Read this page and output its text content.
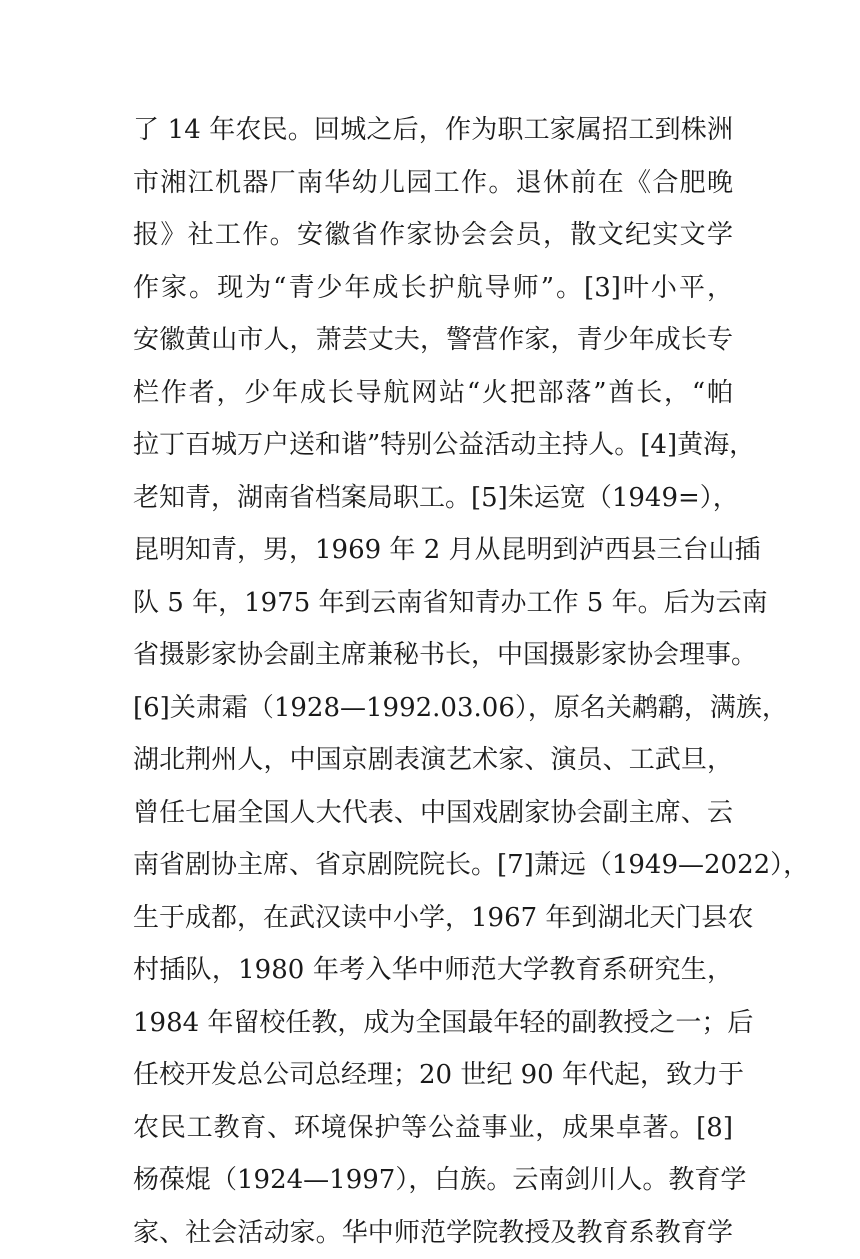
了 14 年农民。回城之后，作为职工家属招工到株洲
市湘江机器厂南华幼儿园工作。退休前在《合肥晚
报》社工作。安徽省作家协会会员，散文纪实文学
作家。现为“青少年成长护航导师”。[3]叶小平，
安徽黄山市人，萧芸丈夫，警营作家，青少年成长专
栏作者，少年成长导航网站“火把部落”酋长，“帕
拉丁百城万户送和谐”特别公益活动主持人。[4]黄海，
老知青，湖南省档案局职工。[5]朱运宽（1949=），
昆明知青，男，1969 年 2 月从昆明到泸西县三台山插
队 5 年，1975 年到云南省知青办工作 5 年。后为云南
省摄影家协会副主席兼秘书长，中国摄影家协会理事。
[6]关肃霜（1928—1992.03.06），原名关鹔鹴，满族，
湖北荆州人，中国京剧表演艺术家、演员、工武旦，
曾任七届全国人大代表、中国戏剧家协会副主席、云
南省剧协主席、省京剧院院长。[7]萧远（1949—2022），
生于成都，在武汉读中小学，1967 年到湖北天门县农
村插队，1980 年考入华中师范大学教育系研究生，
1984 年留校任教，成为全国最年轻的副教授之一；后
任校开发总公司总经理；20 世纪 90 年代起，致力于
农民工教育、环境保护等公益事业，成果卓著。[8]
杨葆焜（1924—1997），白族。云南剑川人。教育学
家、社会活动家。华中师范学院教授及教育系教育学
